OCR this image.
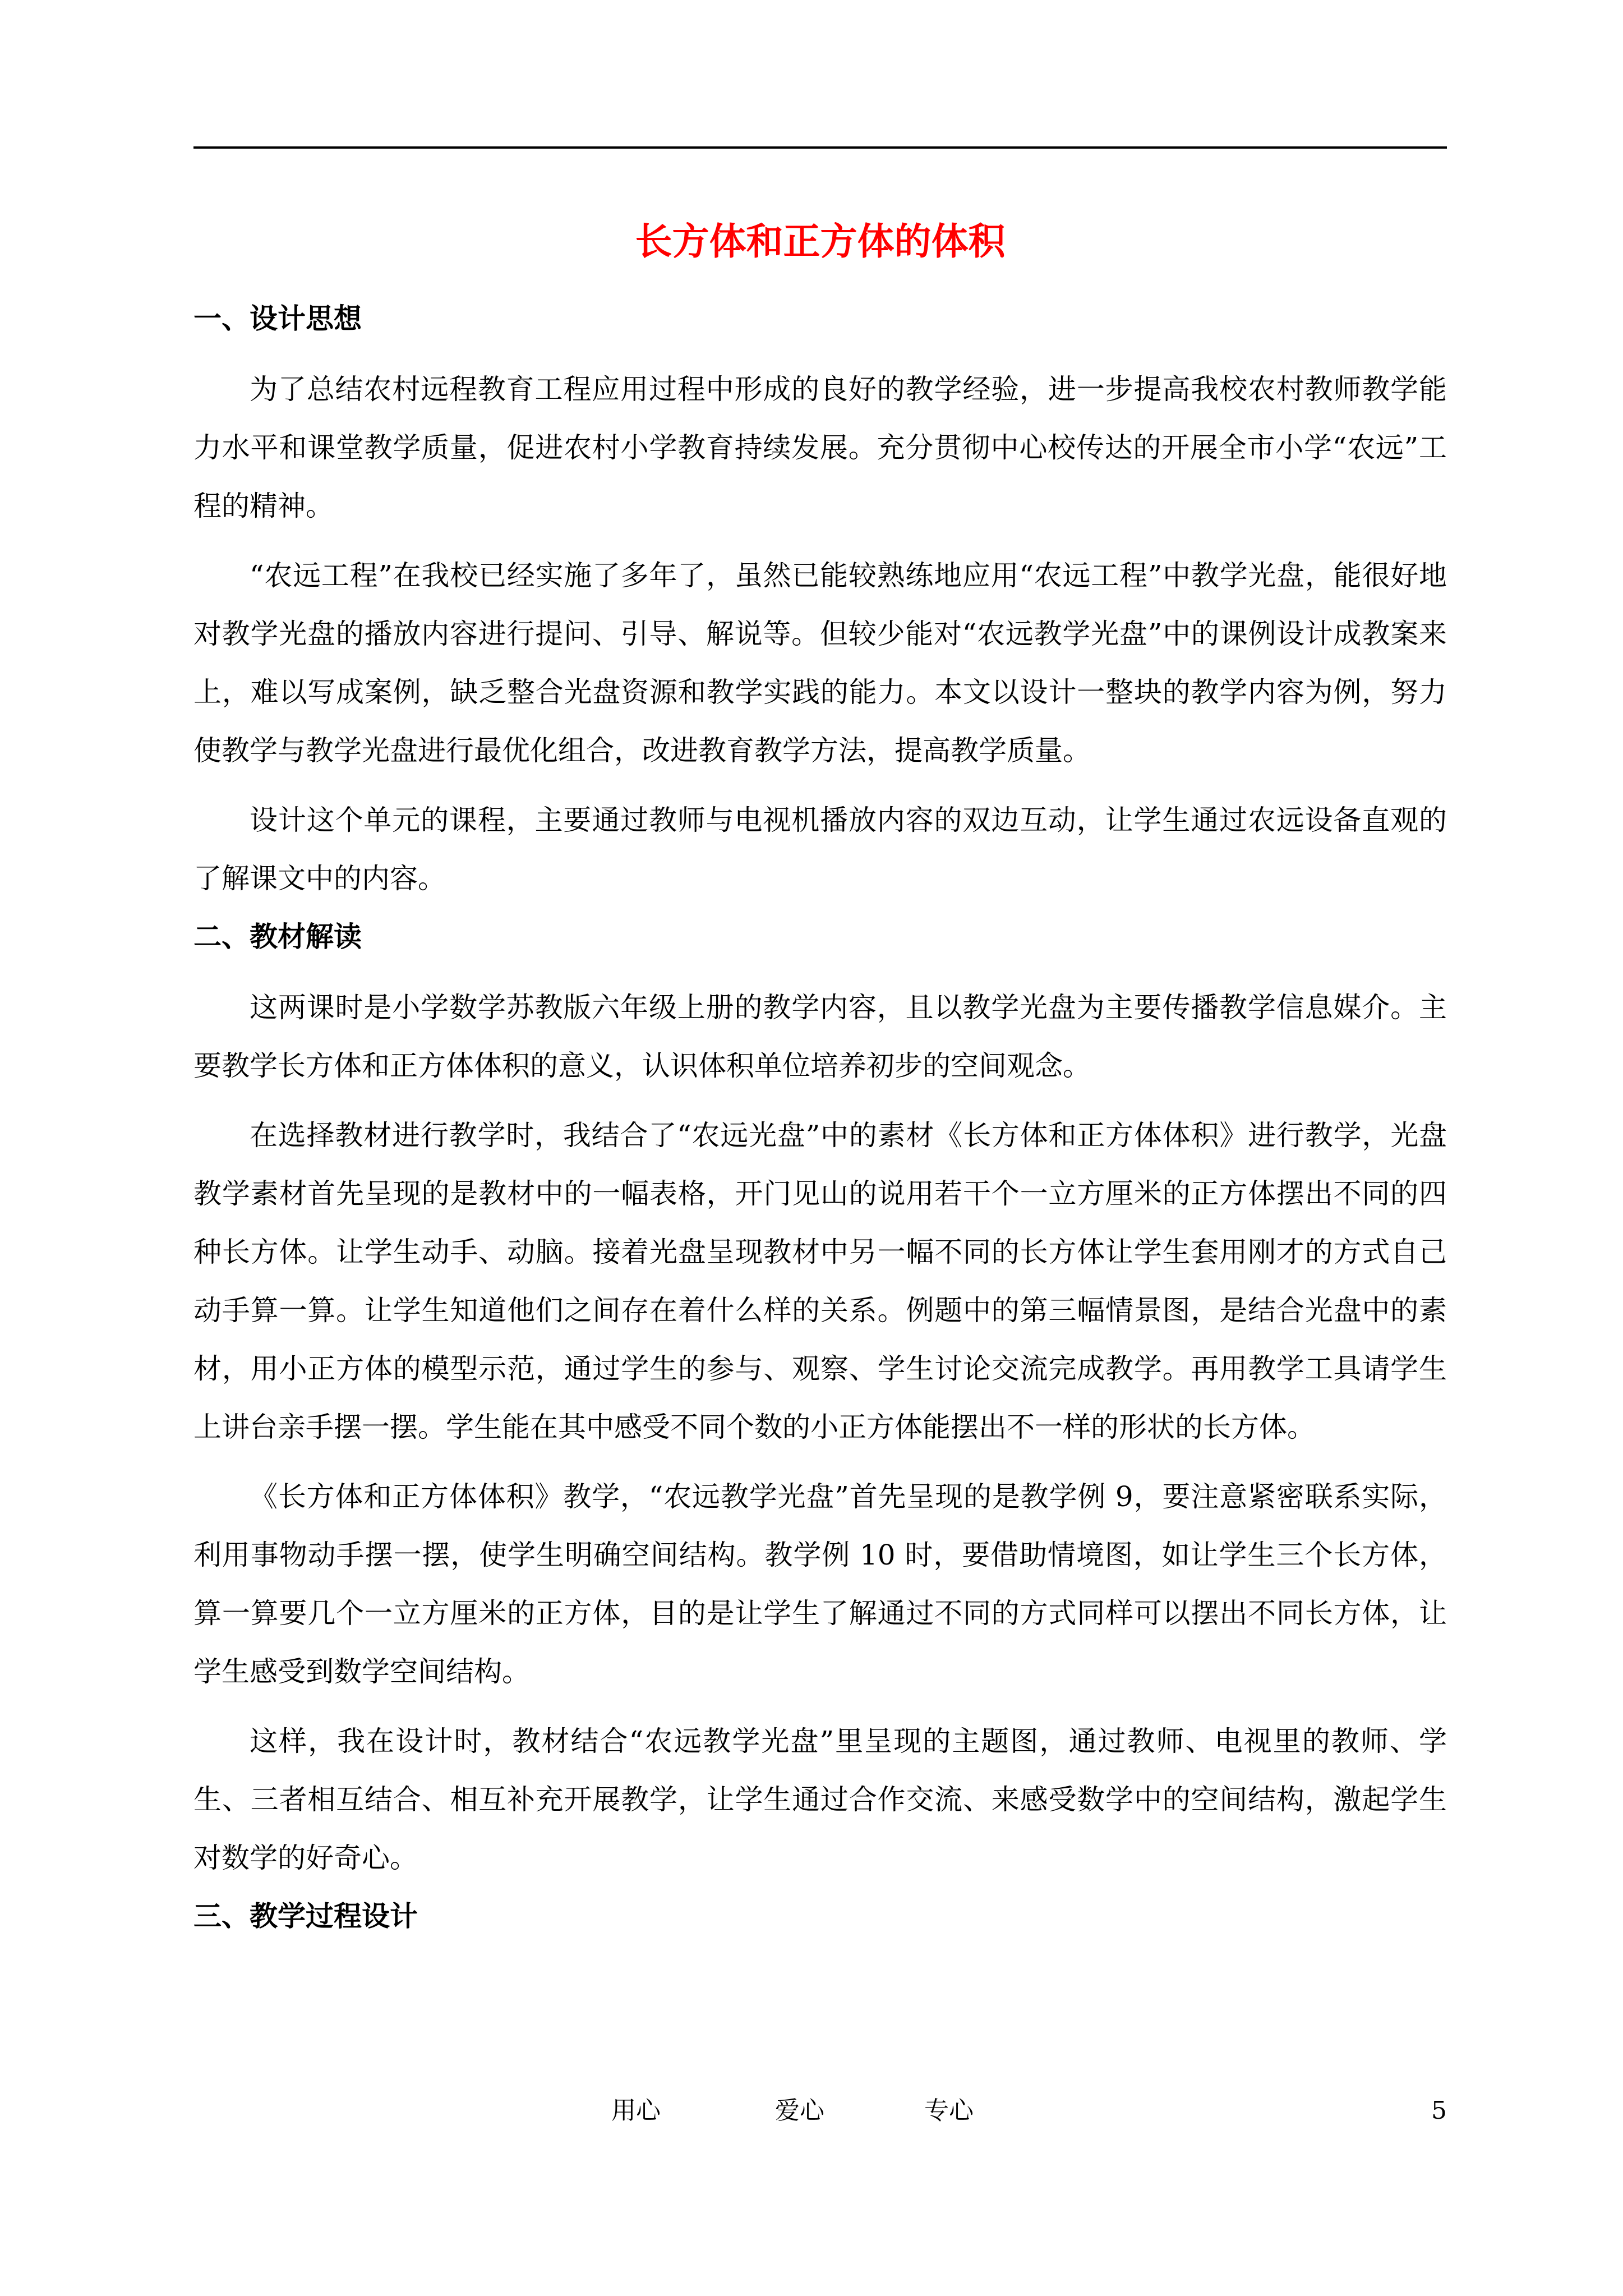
长方体和正方体的体积
一、设计思想

为了总结农村远程教育工程应用过程中形成的良好的教学经验，进一步提高我校农村教师教学能力水平和课堂教学质量，促进农村小学教育持续发展。充分贯彻中心校传达的开展全市小学“农远”工程的精神。

“农远工程”在我校已经实施了多年了，虽然已能较熟练地应用“农远工程”中教学光盘，能很好地对教学光盘的播放内容进行提问、引导、解说等。但较少能对“农远教学光盘”中的课例设计成教案来上，难以写成案例，缺乏整合光盘资源和教学实践的能力。本文以设计一整块的教学内容为例，努力使教学与教学光盘进行最优化组合，改进教育教学方法，提高教学质量。

设计这个单元的课程，主要通过教师与电视机播放内容的双边互动，让学生通过农远设备直观的了解课文中的内容。

二、教材解读

这两课时是小学数学苏教版六年级上册的教学内容，且以教学光盘为主要传播教学信息媒介。主要教学长方体和正方体体积的意义，认识体积单位培养初步的空间观念。

在选择教材进行教学时，我结合了“农远光盘”中的素材《长方体和正方体体积》进行教学，光盘教学素材首先呈现的是教材中的一幅表格，开门见山的说用若干个一立方厘米的正方体摆出不同的四种长方体。让学生动手、动脑。接着光盘呈现教材中另一幅不同的长方体让学生套用刚才的方式自己动手算一算。让学生知道他们之间存在着什么样的关系。例题中的第三幅情景图，是结合光盘中的素材，用小正方体的模型示范，通过学生的参与、观察、学生讨论交流完成教学。再用教学工具请学生上讲台亲手摆一摆。学生能在其中感受不同个数的小正方体能摆出不一样的形状的长方体。

《长方体和正方体体积》教学，“农远教学光盘”首先呈现的是教学例 9，要注意紧密联系实际，利用事物动手摆一摆，使学生明确空间结构。教学例 10 时，要借助情境图，如让学生三个长方体，算一算要几个一立方厘米的正方体，目的是让学生了解通过不同的方式同样可以摆出不同长方体，让学生感受到数学空间结构。

这样，我在设计时，教材结合“农远教学光盘”里呈现的主题图，通过教师、电视里的教师、学生、三者相互结合、相互补充开展教学，让学生通过合作交流、来感受数学中的空间结构，激起学生对数学的好奇心。

三、教学过程设计
用心	爱心	专心	5
